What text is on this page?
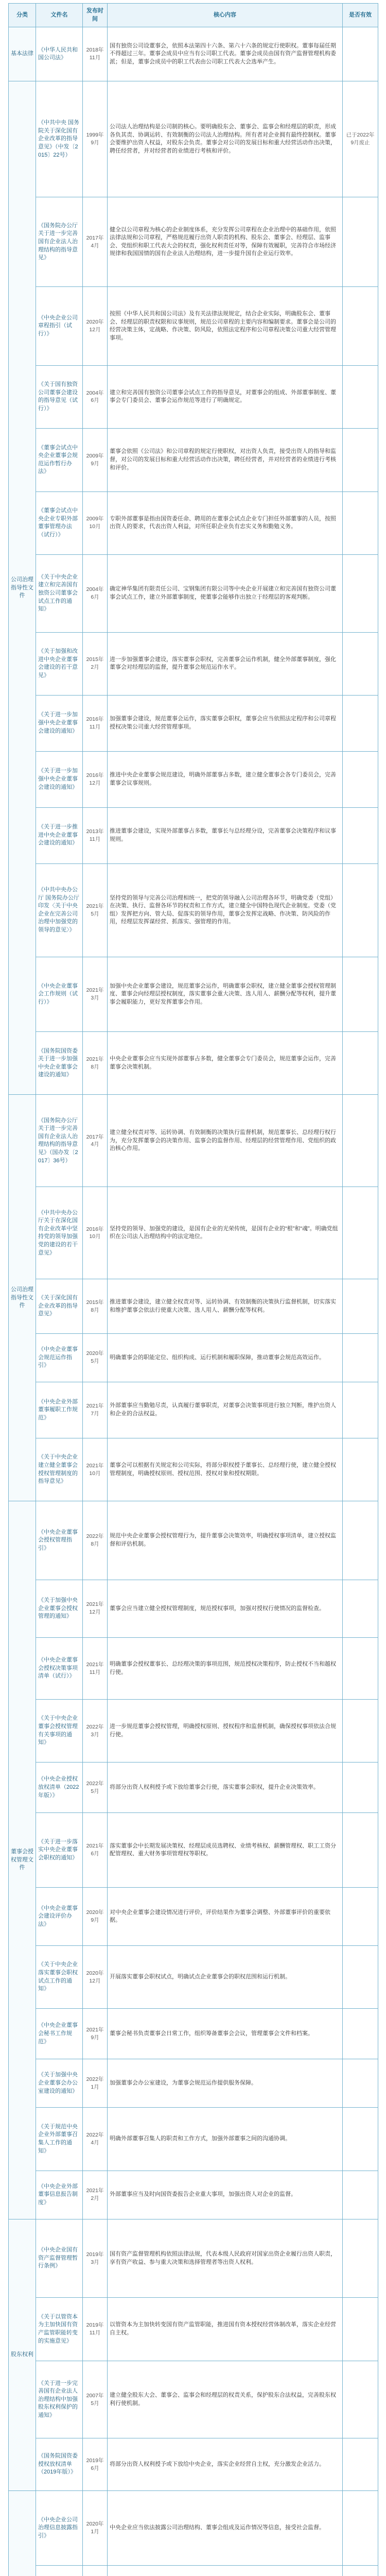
分类	文件名	发布时间	核心内容	是否有效
基本法律	《中华人民共和国公司法》	2018年11月	国有独资公司设董事会，依照本法第四十六条、第六十六条的规定行使职权。董事每届任期不得超过三年。董事会成员中应当有公司职工代表。董事会成员由国有资产监督管理机构委派；但是，董事会成员中的职工代表由公司职工代表大会选举产生。	
公司治理指导性文件	《中共中央 国务院关于深化国有企业改革的指导意见》（中发〔2015〕22号）	1999年9月	公司法人治理结构是公司制的核心。要明确股东会、董事会、监事会和经理层的职责，形成各负其责、协调运转、有效制衡的公司法人治理结构。所有者对企业拥有最终控制权。董事会要维护出资人权益，对股东会负责。董事会对公司的发展目标和重大经营活动作出决策，聘任经营者，并对经营者的业绩进行考核和评价。	已于2022年9月废止
	《国务院办公厅关于进一步完善国有企业法人治理结构的指导意见》	2017年4月	健全以公司章程为核心的企业制度体系，充分发挥公司章程在企业治理中的基础作用，依照法律法规和公司章程，严格规范履行出资人职责的机构、股东会、董事会、经理层、监事会、党组织和职工代表大会的权责，强化权利责任对等，保障有效履职，完善符合市场经济规律和我国国情的国有企业法人治理结构，进一步提升国有企业运行效率。	
	《中央企业公司章程指引（试行）》	2020年12月	按照《中华人民共和国公司法》及有关法律法规规定，结合企业实际，明确股东会、董事会、经理层的职责权限和议事规则，规范公司章程的主要内容和编制要求。董事会是公司的经营决策主体，定战略、作决策、防风险，依照法定程序和公司章程决策公司重大经营管理事项。	
	《关于国有独资公司董事会建设的指导意见（试行）》	2004年6月	建立和完善国有独资公司董事会试点工作的指导意见，对董事会的组成、外部董事制度、董事会专门委员会、董事会运作规范等进行了明确规定。	
	《董事会试点中央企业董事会规范运作暂行办法》	2009年9月	董事会依照《公司法》和公司章程的规定行使职权，对出资人负责，接受出资人的指导和监督，对公司的发展目标和重大经营活动作出决策，聘任经营者，并对经营者的业绩进行考核和评价。	
	《董事会试点中央企业专职外部董事管理办法（试行）》	2009年10月	专职外部董事是指由国资委任命、聘用的在董事会试点企业专门担任外部董事的人员，按照出资人的要求，代表出资人利益，对所任职企业负有忠实义务和勤勉义务。	
	《关于中央企业建立和完善国有独资公司董事会试点工作的通知》	2004年6月	确定神华集团有限责任公司、宝钢集团有限公司等中央企业开展建立和完善国有独资公司董事会试点工作，建立外部董事制度，使董事会能够作出独立于经理层的客观判断。	
	《关于加强和改进中央企业董事会建设的若干意见》	2015年2月	进一步加强董事会建设，落实董事会职权，完善董事会运作机制，健全外部董事制度，强化董事会对经理层的监督，提升董事会规范运作水平。	
	《关于进一步加强中央企业董事会建设的通知》	2016年11月	加强董事会建设，规范董事会运作，落实董事会职权，董事会应当依照法定程序和公司章程授权决策公司重大经营管理事项。	
	《关于进一步加强中央企业董事会建设的通知》	2016年12月	推进中央企业董事会规范建设，明确外部董事占多数，建立健全董事会各专门委员会，完善董事会议事规则。	
	《关于进一步推进中央企业董事会建设的通知》	2013年11月	推进董事会建设，实现外部董事占多数，董事长与总经理分设，完善董事会决策程序和议事规则。	
	《中共中央办公厅 国务院办公厅印发〈关于中央企业在完善公司治理中加强党的领导的意见〉》	2021年5月	坚持党的领导与完善公司治理相统一，把党的领导融入公司治理各环节，明确党委（党组）在决策、执行、监督各环节的权责和工作方式，建立健全中国特色现代企业制度。党委（党组）发挥把方向、管大局、促落实的领导作用，董事会发挥定战略、作决策、防风险的作用，经理层发挥谋经营、抓落实、强管理的作用。	
	《中央企业董事会工作规则（试行）》	2021年3月	加强中央企业董事会建设，规范董事会运作，明确董事会职权，建立健全董事会授权管理制度、董事会向经理层授权制度，落实董事会重大决策、选人用人、薪酬分配等权利，提升董事会履职能力，更好发挥董事会作用。	
	《国务院国资委关于进一步加强中央企业董事会建设的通知》	2021年8月	中央企业董事会应当实现外部董事占多数，健全董事会专门委员会，规范董事会运作，完善董事会决策机制。	
公司治理指导性文件	《国务院办公厅关于进一步完善国有企业法人治理结构的指导意见》（国办发〔2017〕36号）	2017年4月	建立健全权责对等、运转协调、有效制衡的决策执行监督机制，规范董事长、总经理行权行为，充分发挥董事会的决策作用、监事会的监督作用、经理层的经营管理作用、党组织的政治核心作用。	
	《中共中央办公厅关于在深化国有企业改革中坚持党的领导加强党的建设的若干意见》	2016年10月	坚持党的领导、加强党的建设，是国有企业的光荣传统，是国有企业的“根”和“魂”。明确党组织在公司法人治理结构中的法定地位。	
	《关于深化国有企业改革的指导意见》	2015年8月	推进董事会建设，建立健全权责对等、运转协调、有效制衡的决策执行监督机制，切实落实和维护董事会依法行使重大决策、选人用人、薪酬分配等权利。	
	《中央企业董事会规范运作指引》	2020年5月	明确董事会的职能定位、组织构成、运行机制和履职保障，推动董事会规范高效运作。	
	《中央企业外部董事履职工作规范》	2021年7月	外部董事应当勤勉尽责，认真履行董事职责，对董事会决策事项进行独立判断，维护出资人和企业的合法权益。	
	《关于中央企业建立健全董事会授权管理制度的指导意见》	2021年10月	董事会可以根据有关规定和公司实际，将部分职权授予董事长、总经理行使，建立健全授权管理制度，明确授权原则、授权范围、授权对象和授权期限。	
董事会授权管理文件	《中央企业董事会授权管理指引》	2022年8月	规范中央企业董事会授权管理行为，提升董事会决策效率，明确授权事项清单，建立授权监督和评估机制。	
	《关于加强中央企业董事会授权管理的通知》	2021年12月	董事会应当建立健全授权管理制度，规范授权事项，加强对授权行使情况的监督检查。	
	《中央企业董事会授权决策事项清单（试行）》	2021年11月	明确董事会授权董事长、总经理决策的事项范围，规范授权决策程序，防止授权不当和越权行使。	
	《关于中央企业董事会授权管理有关事项的通知》	2022年3月	进一步规范董事会授权管理，明确授权原则、授权程序和监督机制，确保授权事项依法合规行使。	
	《中央企业授权放权清单（2022年版）》	2022年5月	将部分出资人权利授予或下放给董事会行使，落实董事会职权，提升企业决策效率。	
	《关于进一步落实中央企业董事会职权的通知》	2021年6月	落实董事会中长期发展决策权、经理层成员选聘权、业绩考核权、薪酬管理权、职工工资分配管理权、重大财务事项管理权等职权。	
	《中央企业董事会建设评价办法》	2020年9月	对中央企业董事会建设情况进行评价，评价结果作为董事会调整、外部董事评价的重要依据。	
	《关于中央企业落实董事会职权试点工作的通知》	2020年12月	开展落实董事会职权试点，明确试点企业董事会的职权范围和运行机制。	
	《中央企业董事会秘书工作规范》	2021年9月	董事会秘书负责董事会日常工作，组织筹备董事会会议，管理董事会文件和档案。	
	《关于加强中央企业董事会办公室建设的通知》	2022年1月	加强董事会办公室建设，为董事会规范运作提供服务保障。	
	《关于规范中央企业外部董事召集人工作的通知》	2022年4月	明确外部董事召集人的职责和工作方式，加强外部董事之间的沟通协调。	
	《中央企业外部董事信息报告制度》	2021年2月	外部董事应当及时向国资委报告企业重大事项，加强出资人对企业的监督。	
股东权利	《中央企业国有资产监督管理暂行条例》	2019年3月	国有资产监督管理机构依照法律法规，代表本级人民政府对国家出资企业履行出资人职责，享有资产收益、参与重大决策和选择管理者等出资人权利。	
	《关于以管资本为主加快国有资产监管职能转变的实施意见》	2019年11月	以管资本为主加快转变国有资产监管职能，推进国有资本授权经营体制改革，落实企业经营自主权。	
	《关于进一步完善国有企业法人治理结构中加强股东权利保护的通知》	2007年5月	建立健全股东大会、董事会、监事会和经理层的权责关系，保护股东合法权益，完善股东权利行使机制。	
	《国务院国资委授权放权清单（2019年版）》	2019年6月	将部分出资人权利授予或下放给中央企业，落实企业经营自主权，充分激发企业活力。	
	《中央企业公司治理信息披露指引》	2020年1月	中央企业应当依法披露公司治理结构、董事会组成及运作情况等信息，接受社会监督。	
